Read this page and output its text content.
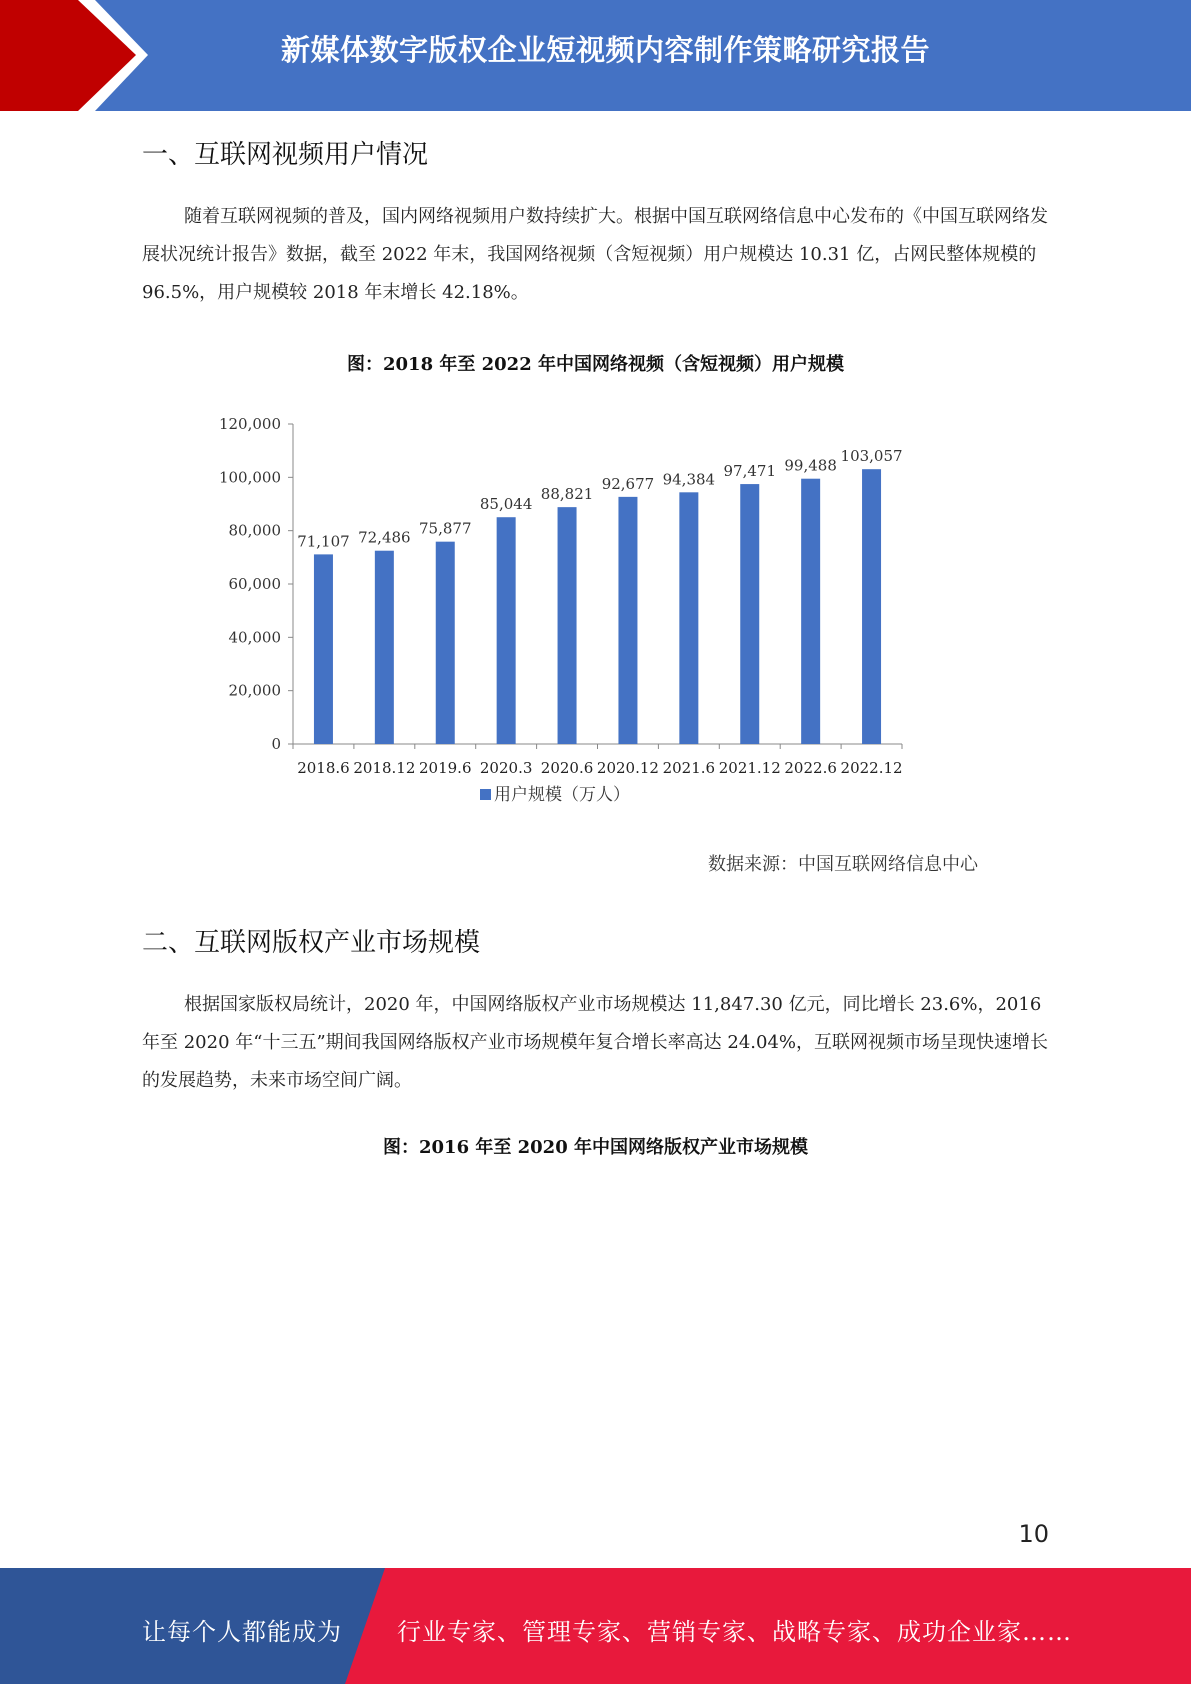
新媒体数字版权企业短视频内容制作策略研究报告
一、互联网视频用户情况

随着互联网视频的普及，国内网络视频用户数持续扩大。根据中国互联网络信息中心发布的《中国互联网络发展状况统计报告》数据，截至 2022 年末，我国网络视频（含短视频）用户规模达 10.31 亿，占网民整体规模的 96.5%，用户规模较 2018 年末增长 42.18%。

图：2018 年至 2022 年中国网络视频（含短视频）用户规模
0
20,000
40,000
60,000
80,000
100,000
120,000
71,107
2018.6
72,486
2018.12
75,877
2019.6
85,044
2020.3
88,821
2020.6
92,677
2020.12
94,384
2021.6
97,471
2021.12
99,488
2022.6
103,057
2022.12
用户规模（万人）
数据来源：中国互联网络信息中心
二、互联网版权产业市场规模

根据国家版权局统计，2020 年，中国网络版权产业市场规模达 11,847.30 亿元，同比增长 23.6%，2016 年至 2020 年“十三五”期间我国网络版权产业市场规模年复合增长率高达 24.04%，互联网视频市场呈现快速增长的发展趋势，未来市场空间广阔。

图：2016 年至 2020 年中国网络版权产业市场规模
10
让每个人都能成为 行业专家、管理专家、营销专家、战略专家、成功企业家……
